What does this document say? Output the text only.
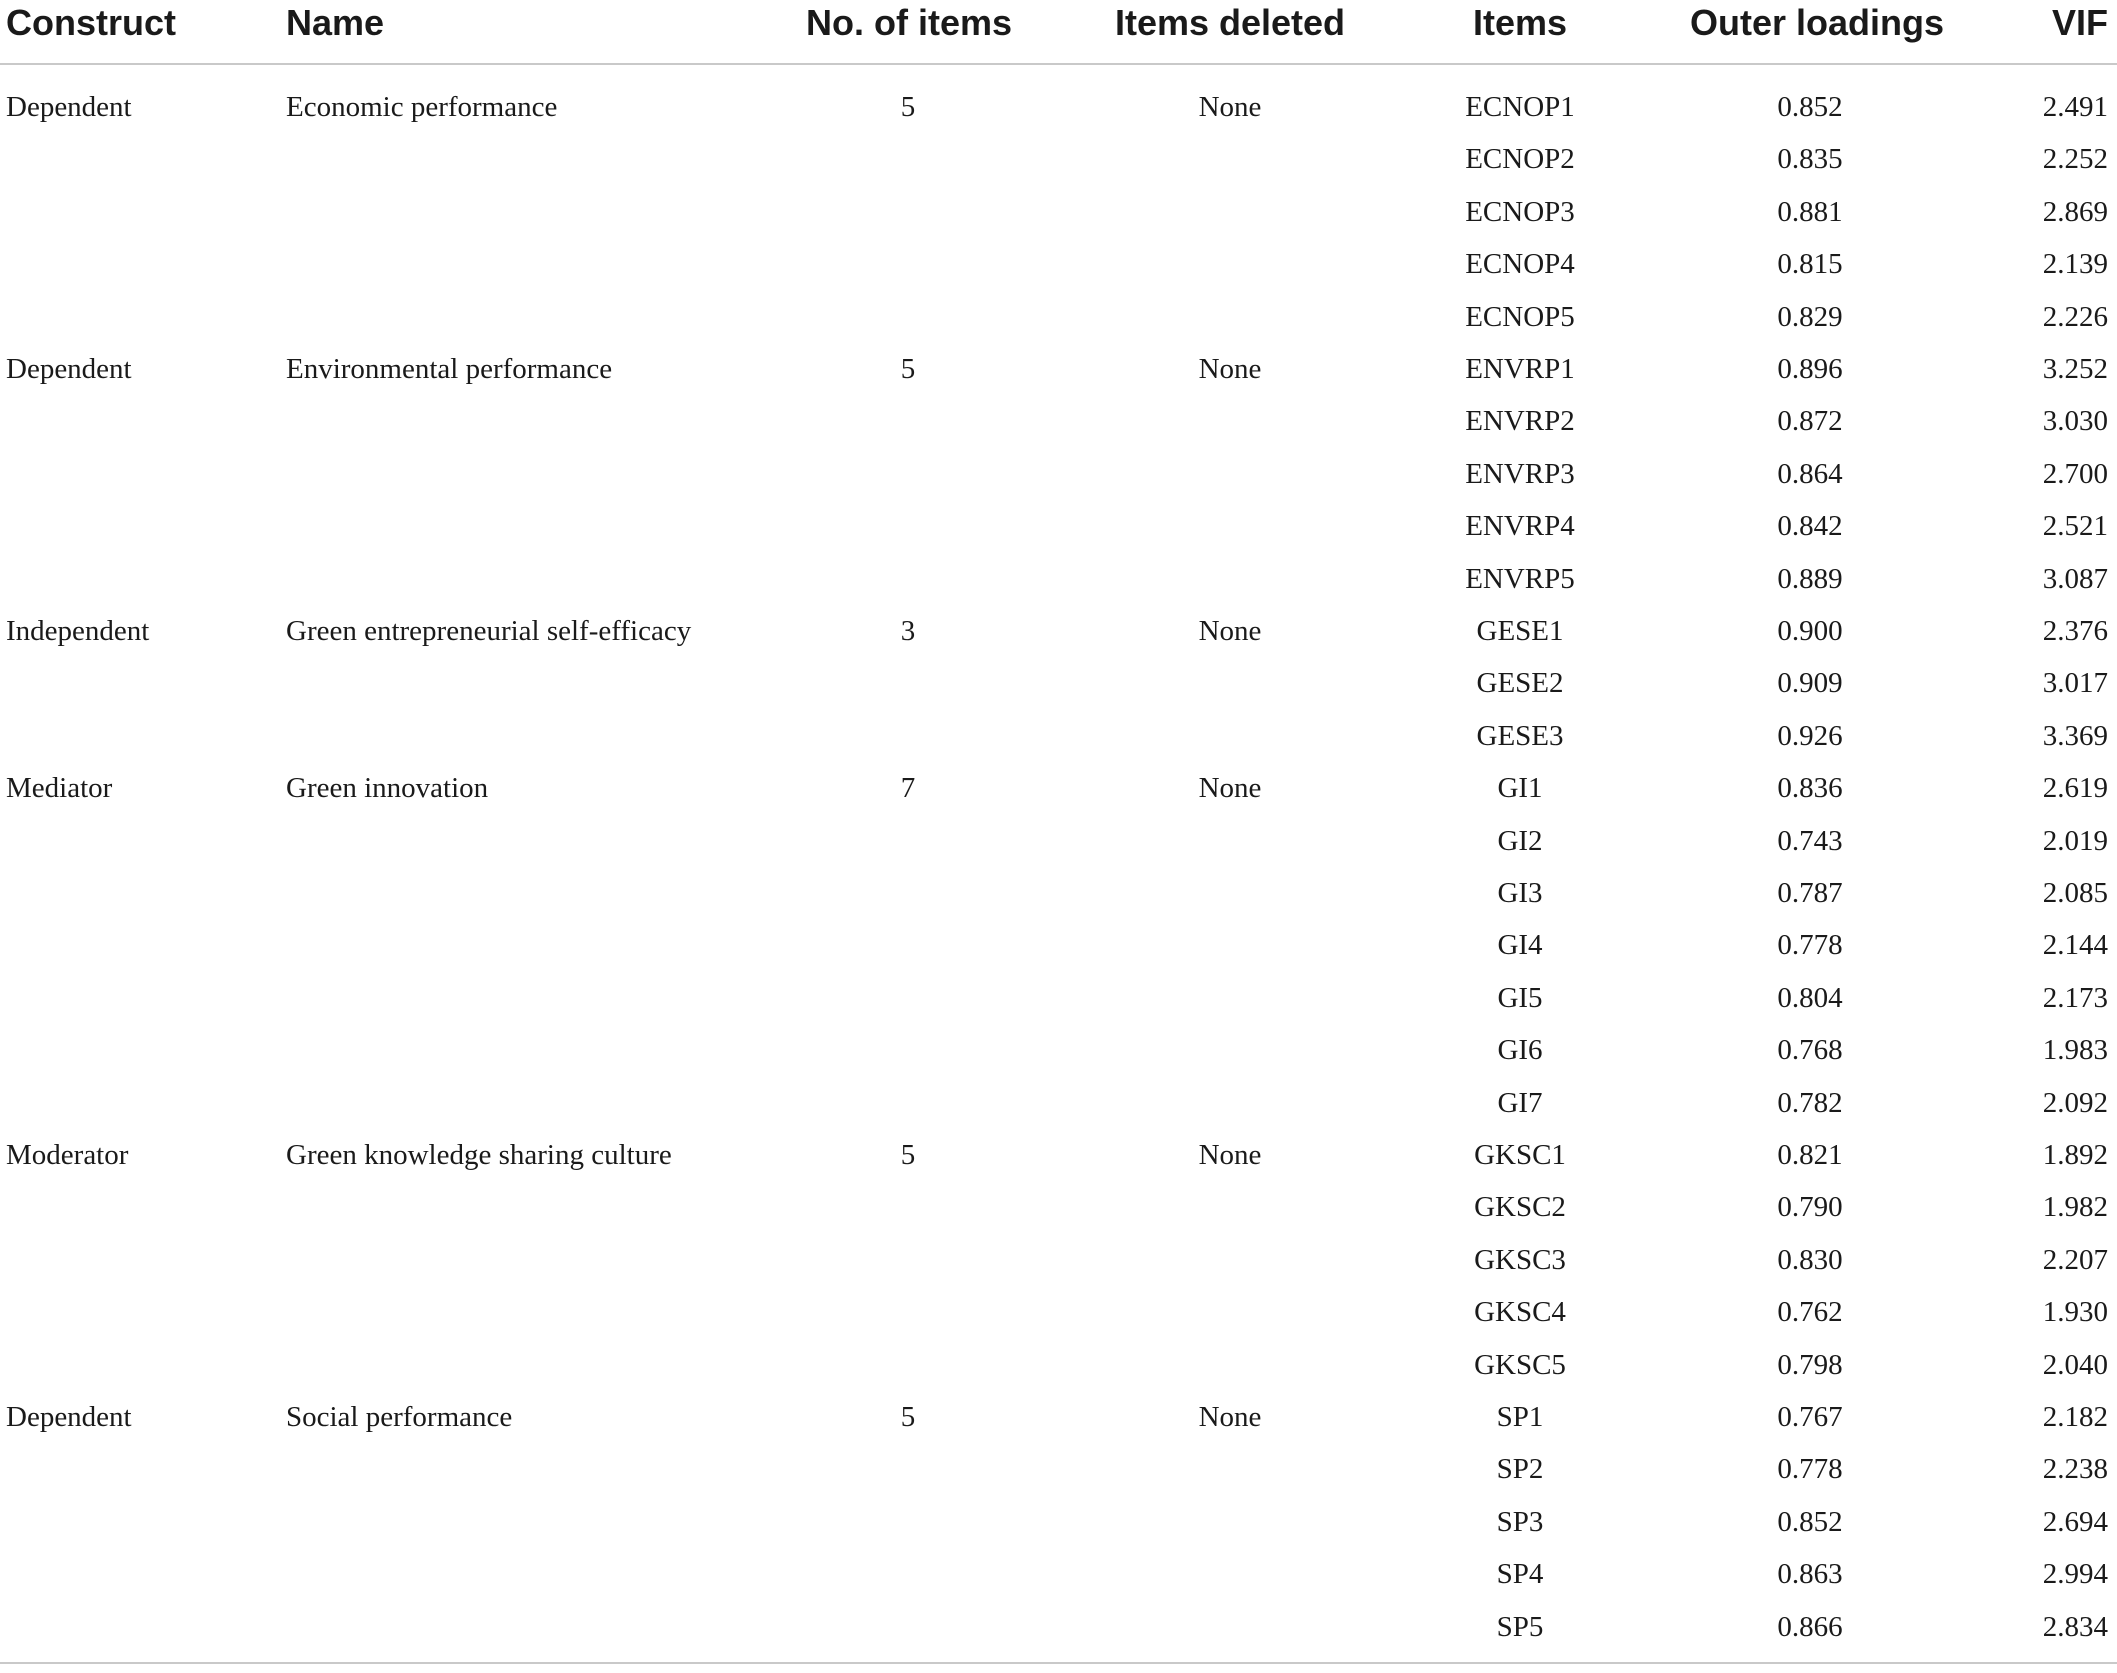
Construct	Name	No. of items	Items deleted	Items	Outer loadings	VIF
Dependent	Economic performance	5	None	ECNOP1	0.852	2.491
ECNOP2	0.835	2.252
ECNOP3	0.881	2.869
ECNOP4	0.815	2.139
ECNOP5	0.829	2.226
Dependent	Environmental performance	5	None	ENVRP1	0.896	3.252
ENVRP2	0.872	3.030
ENVRP3	0.864	2.700
ENVRP4	0.842	2.521
ENVRP5	0.889	3.087
Independent	Green entrepreneurial self-efficacy	3	None	GESE1	0.900	2.376
GESE2	0.909	3.017
GESE3	0.926	3.369
Mediator	Green innovation	7	None	GI1	0.836	2.619
GI2	0.743	2.019
GI3	0.787	2.085
GI4	0.778	2.144
GI5	0.804	2.173
GI6	0.768	1.983
GI7	0.782	2.092
Moderator	Green knowledge sharing culture	5	None	GKSC1	0.821	1.892
GKSC2	0.790	1.982
GKSC3	0.830	2.207
GKSC4	0.762	1.930
GKSC5	0.798	2.040
Dependent	Social performance	5	None	SP1	0.767	2.182
SP2	0.778	2.238
SP3	0.852	2.694
SP4	0.863	2.994
SP5	0.866	2.834
